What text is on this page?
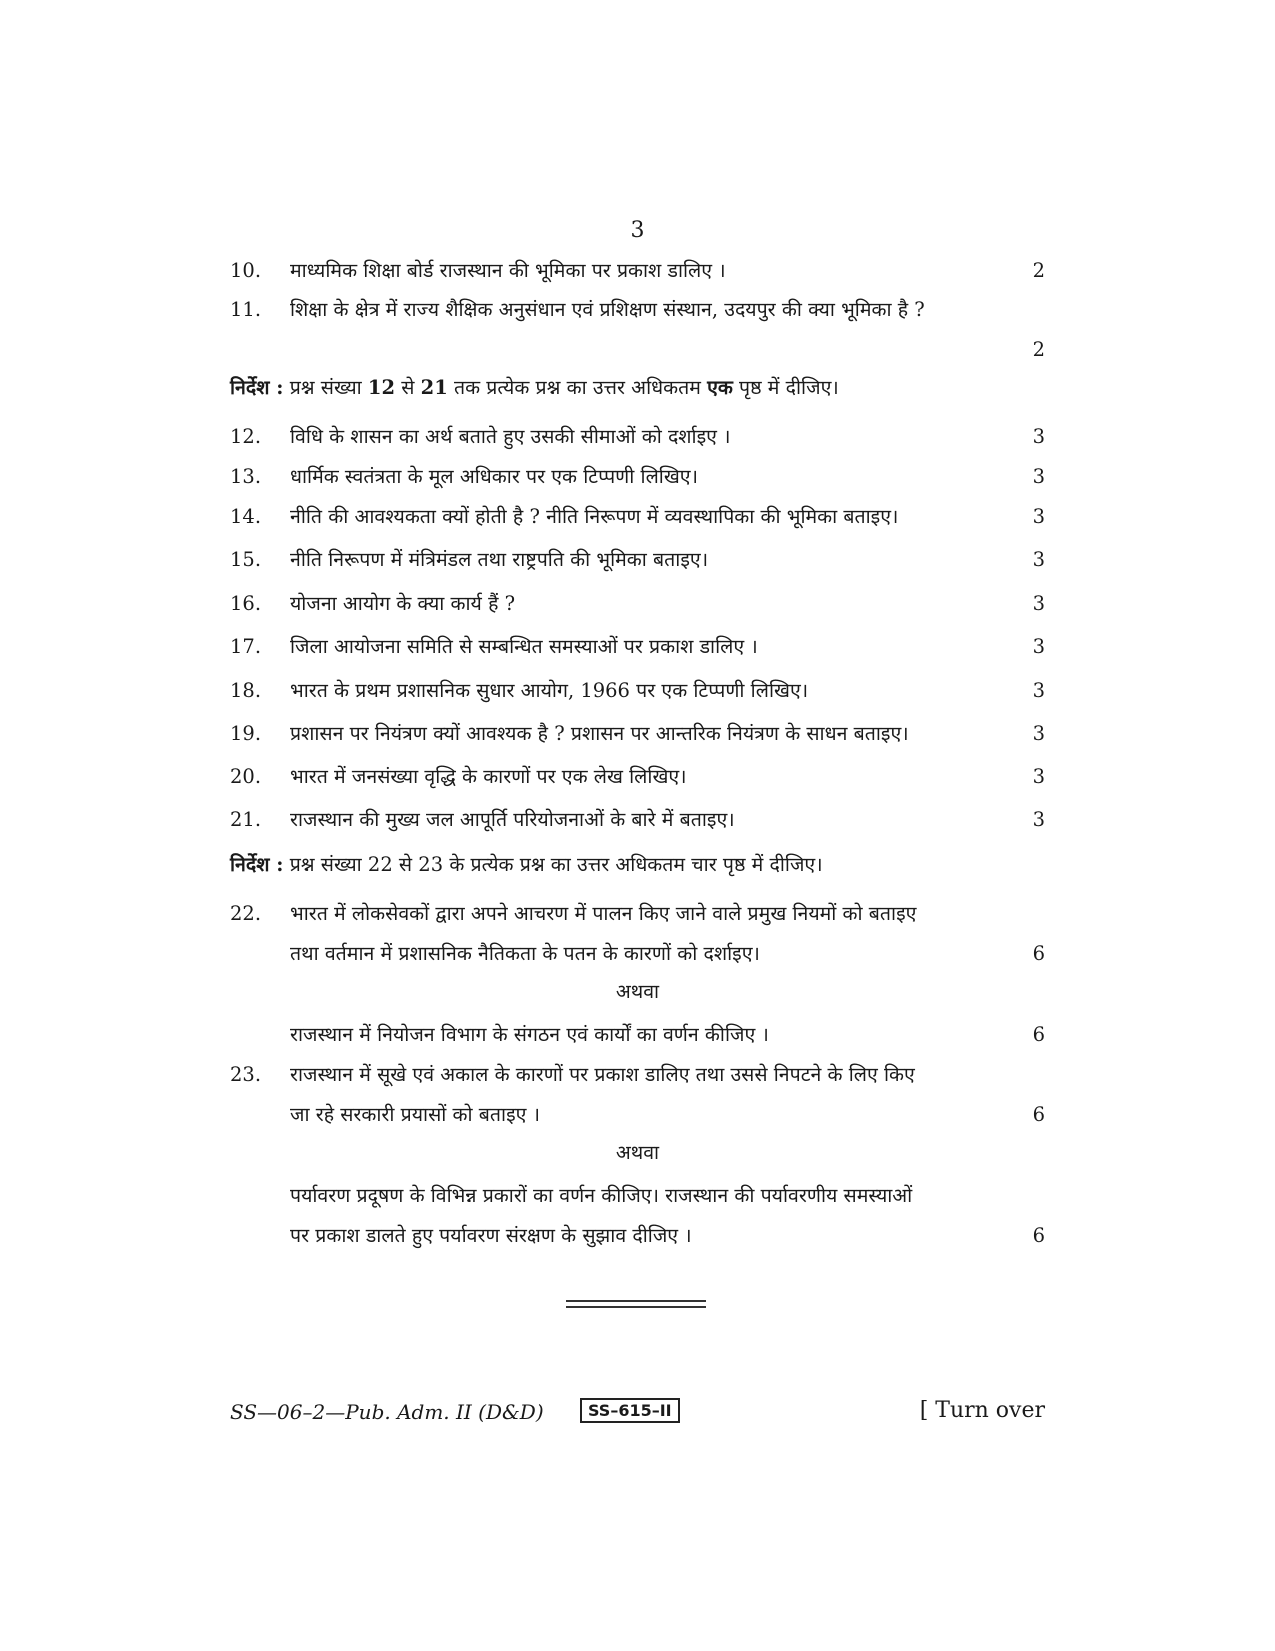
3
10.	माध्यमिक शिक्षा बोर्ड राजस्थान की भूमिका पर प्रकाश डालिए ।	2
11.	शिक्षा के क्षेत्र में राज्य शैक्षिक अनुसंधान एवं प्रशिक्षण संस्थान, उदयपुर की क्या भूमिका है ?
2
निर्देश : प्रश्न संख्या 12 से 21 तक प्रत्येक प्रश्न का उत्तर अधिकतम एक पृष्ठ में दीजिए।
12.	विधि के शासन का अर्थ बताते हुए उसकी सीमाओं को दर्शाइए ।	3
13.	धार्मिक स्वतंत्रता के मूल अधिकार पर एक टिप्पणी लिखिए।	3
14.	नीति की आवश्यकता क्यों होती है ? नीति निरूपण में व्यवस्थापिका की भूमिका बताइए।	3
15.	नीति निरूपण में मंत्रिमंडल तथा राष्ट्रपति की भूमिका बताइए।	3
16.	योजना आयोग के क्या कार्य हैं ?	3
17.	जिला आयोजना समिति से सम्बन्धित समस्याओं पर प्रकाश डालिए ।	3
18.	भारत के प्रथम प्रशासनिक सुधार आयोग, 1966 पर एक टिप्पणी लिखिए।	3
19.	प्रशासन पर नियंत्रण क्यों आवश्यक है ? प्रशासन पर आन्तरिक नियंत्रण के साधन बताइए।	3
20.	भारत में जनसंख्या वृद्धि के कारणों पर एक लेख लिखिए।	3
21.	राजस्थान की मुख्य जल आपूर्ति परियोजनाओं के बारे में बताइए।	3
निर्देश : प्रश्न संख्या 22 से 23 के प्रत्येक प्रश्न का उत्तर अधिकतम चार पृष्ठ में दीजिए।
22.	भारत में लोकसेवकों द्वारा अपने आचरण में पालन किए जाने वाले प्रमुख नियमों को बताइए
तथा वर्तमान में प्रशासनिक नैतिकता के पतन के कारणों को दर्शाइए।	6
अथवा
राजस्थान में नियोजन विभाग के संगठन एवं कार्यों का वर्णन कीजिए ।	6
23.	राजस्थान में सूखे एवं अकाल के कारणों पर प्रकाश डालिए तथा उससे निपटने के लिए किए
जा रहे सरकारी प्रयासों को बताइए ।	6
अथवा
पर्यावरण प्रदूषण के विभिन्न प्रकारों का वर्णन कीजिए। राजस्थान की पर्यावरणीय समस्याओं
पर प्रकाश डालते हुए पर्यावरण संरक्षण के सुझाव दीजिए ।	6
SS—06–2—Pub. Adm. II (D&D)	SS–615–II	[ Turn over
